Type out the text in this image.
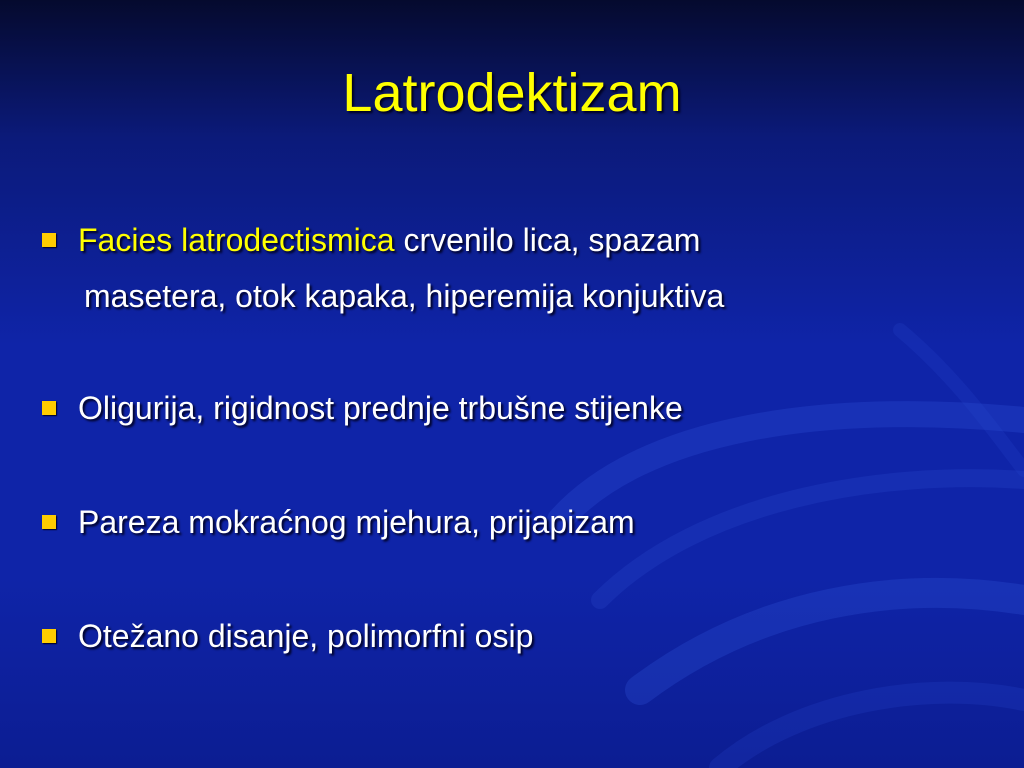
Latrodektizam
Facies latrodectismica crvenilo lica, spazam
masetera, otok kapaka, hiperemija konjuktiva
Oligurija, rigidnost prednje trbušne stijenke
Pareza mokraćnog mjehura, prijapizam
Otežano disanje, polimorfni osip
